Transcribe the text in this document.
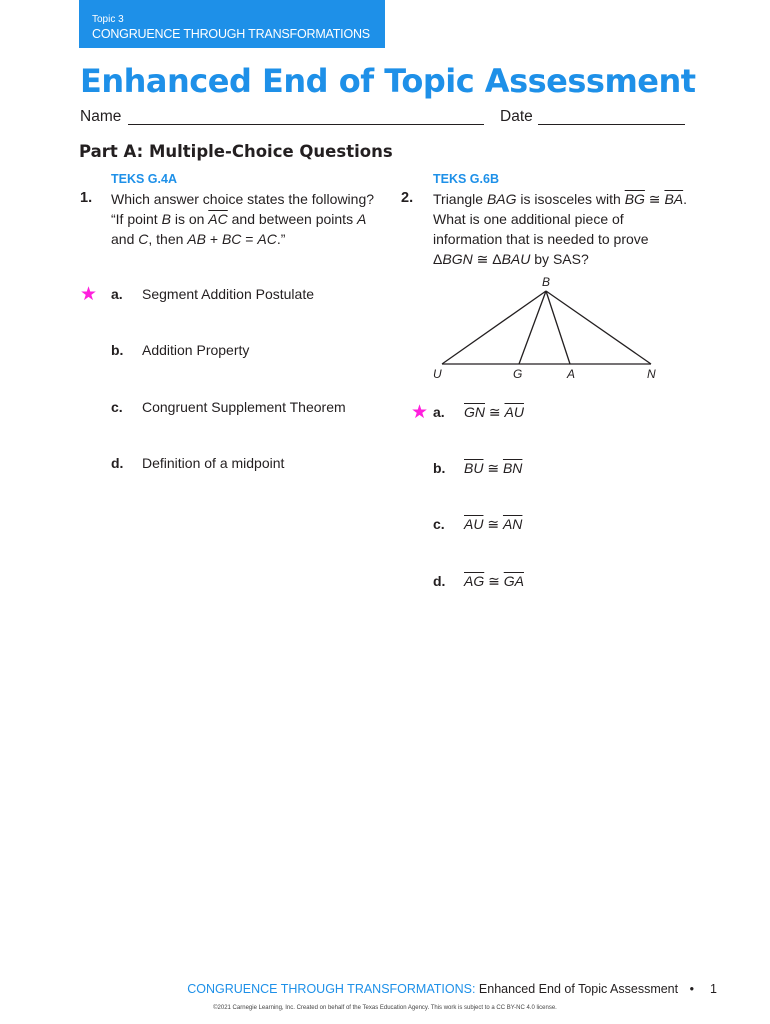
Topic 3
CONGRUENCE THROUGH TRANSFORMATIONS
Enhanced End of Topic Assessment
Name	Date
Part A: Multiple-Choice Questions
TEKS G.4A
1. Which answer choice states the following?
“If point B is on $\overline{AC}$ and between points A
and C, then AB + BC = AC.”
★ a. Segment Addition Postulate
b. Addition Property
c. Congruent Supplement Theorem
d. Definition of a midpoint
TEKS G.6B
2. Triangle BAG is isosceles with $\overline{BG}$ ≅ $\overline{BA}$.
What is one additional piece of
information that is needed to prove
ΔBGN ≅ ΔBAU by SAS?
B
U	G	A	N
★ a. $\overline{GN}$ ≅ $\overline{AU}$
b. $\overline{BU}$ ≅ $\overline{BN}$
c. $\overline{AU}$ ≅ $\overline{AN}$
d. $\overline{AG}$ ≅ $\overline{GA}$
CONGRUENCE THROUGH TRANSFORMATIONS: Enhanced End of Topic Assessment • 1
©2021 Carnegie Learning, Inc. Created on behalf of the Texas Education Agency. This work is subject to a CC BY-NC 4.0 license.
